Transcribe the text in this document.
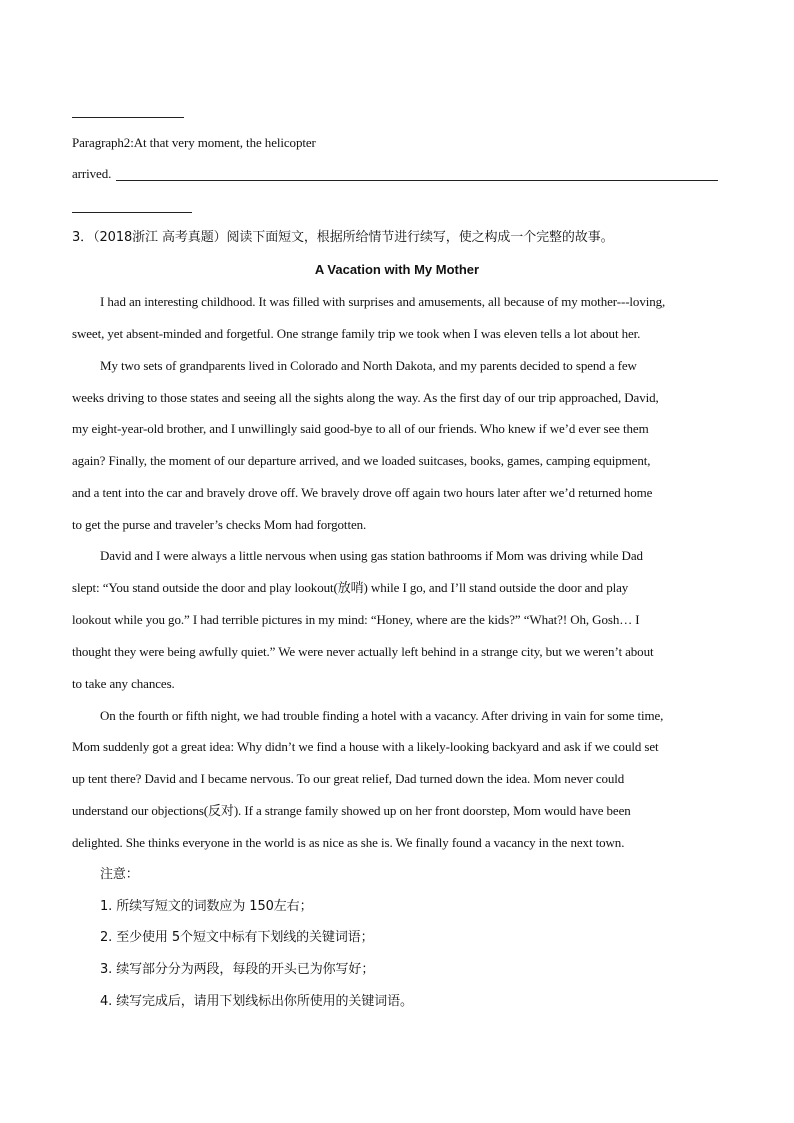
Paragraph2:At that very moment, the helicopter
arrived.
3．（2018浙江 高考真题）阅读下面短文，根据所给情节进行续写，使之构成一个完整的故事。
A Vacation with My Mother
I had an interesting childhood. It was filled with surprises and amusements, all because of my mother---loving,
sweet, yet absent-minded and forgetful. One strange family trip we took when I was eleven tells a lot about her.
My two sets of grandparents lived in Colorado and North Dakota, and my parents decided to spend a few
weeks driving to those states and seeing all the sights along the way. As the first day of our trip approached, David,
my eight-year-old brother, and I unwillingly said good-bye to all of our friends. Who knew if we’d ever see them
again? Finally, the moment of our departure arrived, and we loaded suitcases, books, games, camping equipment,
and a tent into the car and bravely drove off. We bravely drove off again two hours later after we’d returned home
to get the purse and traveler’s checks Mom had forgotten.
David and I were always a little nervous when using gas station bathrooms if Mom was driving while Dad
slept: “You stand outside the door and play lookout(放哨) while I go, and I’ll stand outside the door and play
lookout while you go.” I had terrible pictures in my mind: “Honey, where are the kids?” “What?! Oh, Gosh… I
thought they were being awfully quiet.” We were never actually left behind in a strange city, but we weren’t about
to take any chances.
On the fourth or fifth night, we had trouble finding a hotel with a vacancy. After driving in vain for some time,
Mom suddenly got a great idea: Why didn’t we find a house with a likely-looking backyard and ask if we could set
up tent there? David and I became nervous. To our great relief, Dad turned down the idea. Mom never could
understand our objections(反对). If a strange family showed up on her front doorstep, Mom would have been
delighted. She thinks everyone in the world is as nice as she is. We finally found a vacancy in the next town.
注意：
1. 所续写短文的词数应为 150左右；
2. 至少使用 5个短文中标有下划线的关键词语；
3. 续写部分分为两段，每段的开头已为你写好；
4. 续写完成后，请用下划线标出你所使用的关键词语。
